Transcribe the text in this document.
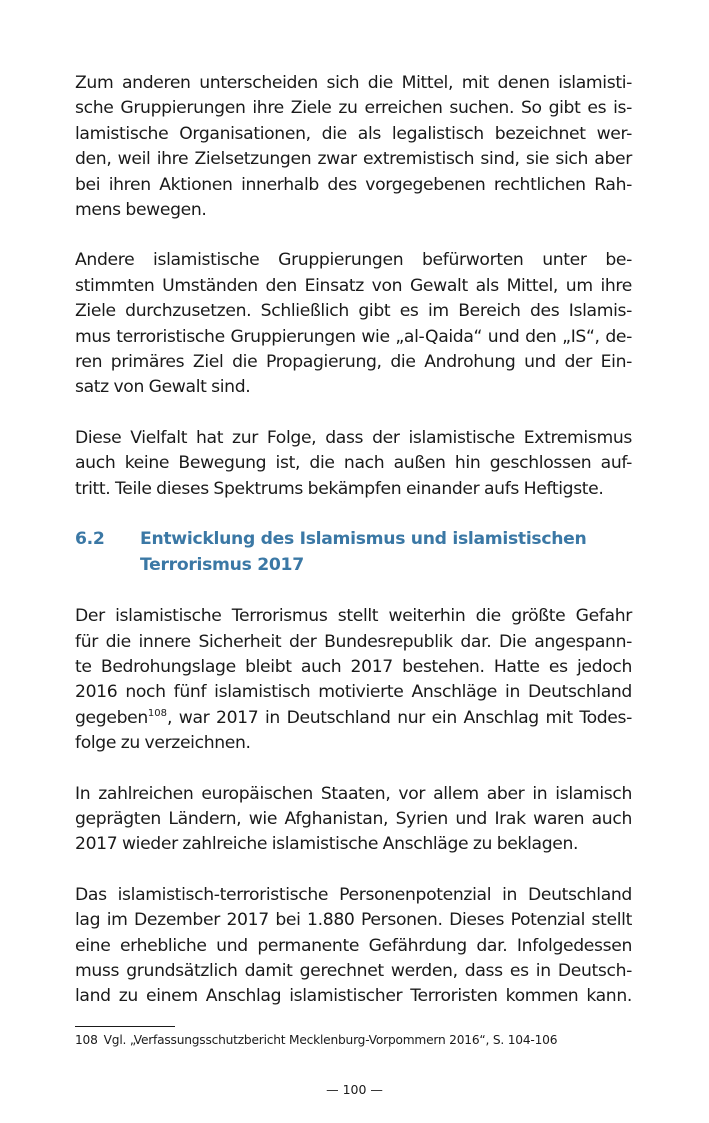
Zum anderen unterscheiden sich die Mittel, mit denen islamisti-
sche Gruppierungen ihre Ziele zu erreichen suchen. So gibt es is-
lamistische Organisationen, die als legalistisch bezeichnet wer-
den, weil ihre Zielsetzungen zwar extremistisch sind, sie sich aber
bei ihren Aktionen innerhalb des vorgegebenen rechtlichen Rah-
mens bewegen.

Andere islamistische Gruppierungen befürworten unter be-
stimmten Umständen den Einsatz von Gewalt als Mittel, um ihre
Ziele durchzusetzen. Schließlich gibt es im Bereich des Islamis-
mus terroristische Gruppierungen wie „al-Qaida“ und den „IS“, de-
ren primäres Ziel die Propagierung, die Androhung und der Ein-
satz von Gewalt sind.

Diese Vielfalt hat zur Folge, dass der islamistische Extremismus
auch keine Bewegung ist, die nach außen hin geschlossen auf-
tritt. Teile dieses Spektrums bekämpfen einander aufs Heftigste.

6.2 Entwicklung des Islamismus und islamistischen
Terrorismus 2017

Der islamistische Terrorismus stellt weiterhin die größte Gefahr
für die innere Sicherheit der Bundesrepublik dar. Die angespann-
te Bedrohungslage bleibt auch 2017 bestehen. Hatte es jedoch
2016 noch fünf islamistisch motivierte Anschläge in Deutschland
gegeben$^{108}$, war 2017 in Deutschland nur ein Anschlag mit Todes-
folge zu verzeichnen.

In zahlreichen europäischen Staaten, vor allem aber in islamisch
geprägten Ländern, wie Afghanistan, Syrien und Irak waren auch
2017 wieder zahlreiche islamistische Anschläge zu beklagen.

Das islamistisch-terroristische Personenpotenzial in Deutschland
lag im Dezember 2017 bei 1.880 Personen. Dieses Potenzial stellt
eine erhebliche und permanente Gefährdung dar. Infolgedessen
muss grundsätzlich damit gerechnet werden, dass es in Deutsch-
land zu einem Anschlag islamistischer Terroristen kommen kann.

108 Vgl. „Verfassungsschutzbericht Mecklenburg-Vorpommern 2016“, S. 104-106
— 100 —
